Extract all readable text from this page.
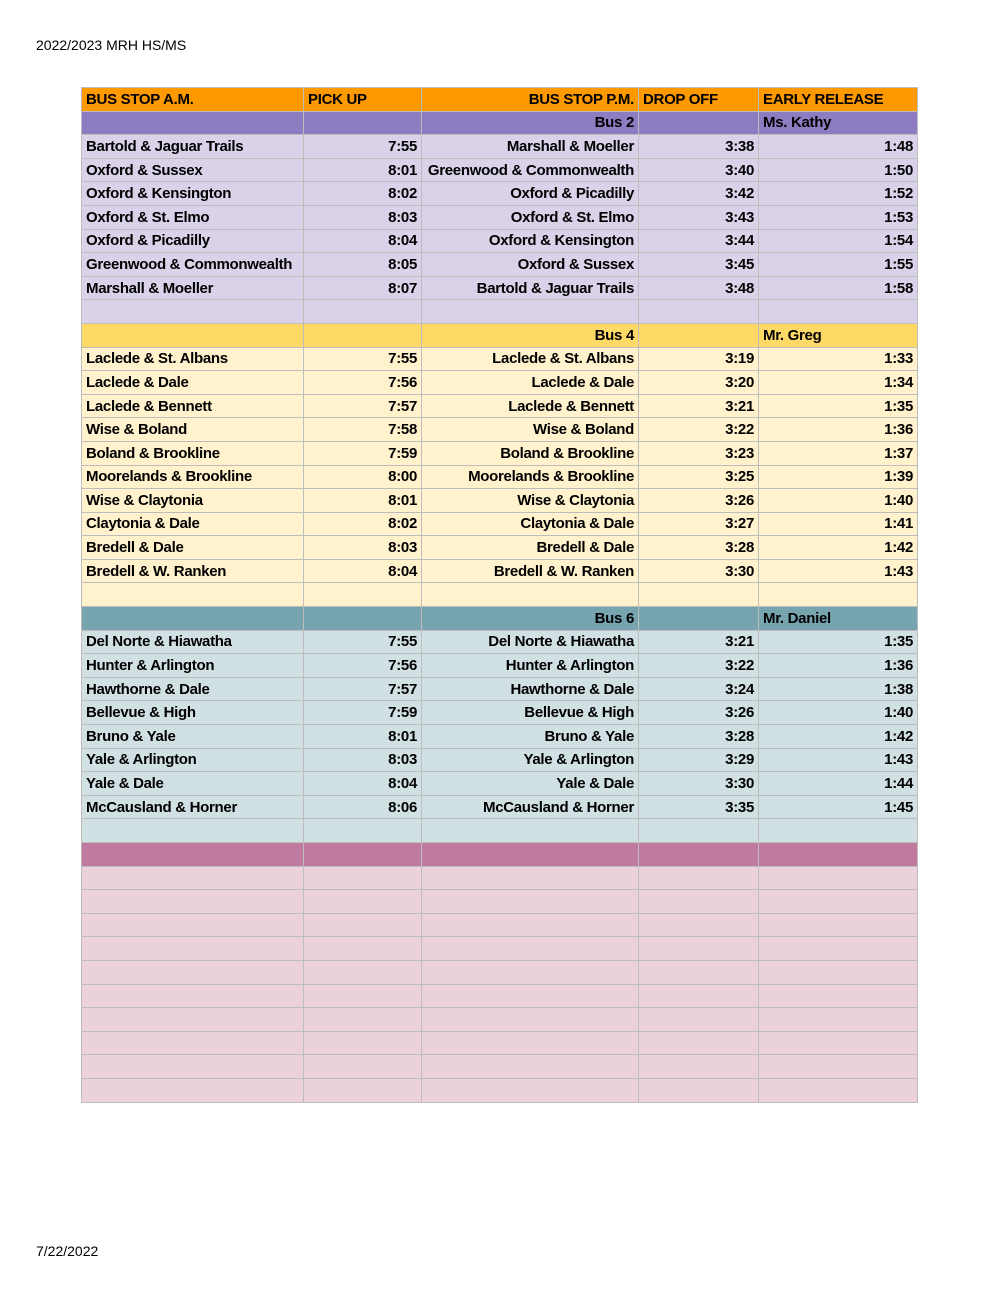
2022/2023 MRH HS/MS
BUS STOP A.M.	PICK UP	BUS STOP P.M.	DROP OFF	EARLY RELEASE
		Bus 2		Ms. Kathy
Bartold & Jaguar Trails	7:55	Marshall & Moeller	3:38	1:48
Oxford & Sussex	8:01	Greenwood & Commonwealth	3:40	1:50
Oxford & Kensington	8:02	Oxford & Picadilly	3:42	1:52
Oxford & St. Elmo	8:03	Oxford & St. Elmo	3:43	1:53
Oxford & Picadilly	8:04	Oxford & Kensington	3:44	1:54
Greenwood & Commonwealth	8:05	Oxford & Sussex	3:45	1:55
Marshall & Moeller	8:07	Bartold & Jaguar Trails	3:48	1:58

		Bus 4		Mr. Greg
Laclede & St. Albans	7:55	Laclede & St. Albans	3:19	1:33
Laclede & Dale	7:56	Laclede & Dale	3:20	1:34
Laclede & Bennett	7:57	Laclede & Bennett	3:21	1:35
Wise & Boland	7:58	Wise & Boland	3:22	1:36
Boland & Brookline	7:59	Boland & Brookline	3:23	1:37
Moorelands & Brookline	8:00	Moorelands & Brookline	3:25	1:39
Wise & Claytonia	8:01	Wise & Claytonia	3:26	1:40
Claytonia & Dale	8:02	Claytonia & Dale	3:27	1:41
Bredell & Dale	8:03	Bredell & Dale	3:28	1:42
Bredell & W. Ranken	8:04	Bredell & W. Ranken	3:30	1:43

		Bus 6		Mr. Daniel
Del Norte & Hiawatha	7:55	Del Norte & Hiawatha	3:21	1:35
Hunter & Arlington	7:56	Hunter & Arlington	3:22	1:36
Hawthorne & Dale	7:57	Hawthorne & Dale	3:24	1:38
Bellevue & High	7:59	Bellevue & High	3:26	1:40
Bruno & Yale	8:01	Bruno & Yale	3:28	1:42
Yale & Arlington	8:03	Yale & Arlington	3:29	1:43
Yale & Dale	8:04	Yale & Dale	3:30	1:44
McCausland & Horner	8:06	McCausland & Horner	3:35	1:45

7/22/2022
